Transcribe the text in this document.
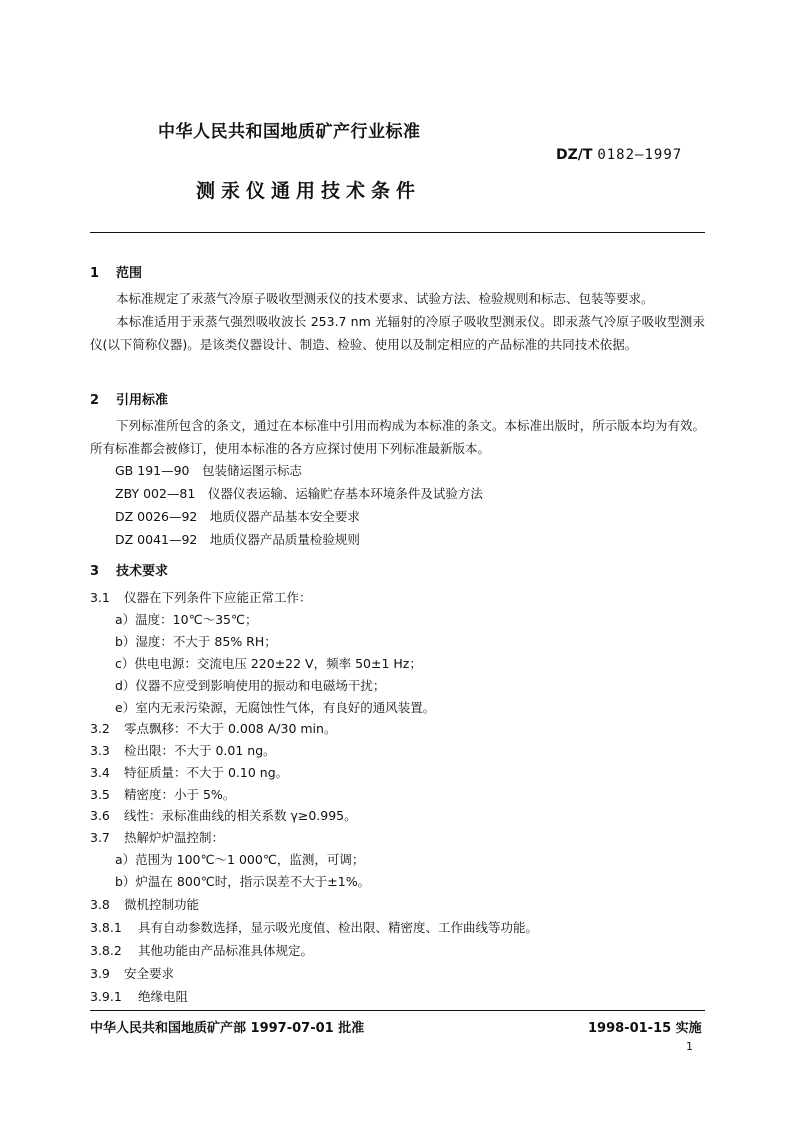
中华人民共和国地质矿产行业标准
DZ/T 0182—1997
测汞仪通用技术条件
1 范围
本标准规定了汞蒸气冷原子吸收型测汞仪的技术要求、试验方法、检验规则和标志、包装等要求。
本标准适用于汞蒸气强烈吸收波长 253.7 nm 光辐射的冷原子吸收型测汞仪。即汞蒸气冷原子吸收型测汞仪(以下简称仪器)。是该类仪器设计、制造、检验、使用以及制定相应的产品标准的共同技术依据。
2 引用标准
下列标准所包含的条文，通过在本标准中引用而构成为本标准的条文。本标准出版时，所示版本均为有效。所有标准都会被修订，使用本标准的各方应探讨使用下列标准最新版本。
GB 191—90　包装储运图示标志
ZBY 002—81　仪器仪表运输、运输贮存基本环境条件及试验方法
DZ 0026—92　地质仪器产品基本安全要求
DZ 0041—92　地质仪器产品质量检验规则
3 技术要求
3.1 仪器在下列条件下应能正常工作：
a）温度：10℃～35℃；
b）湿度：不大于 85% RH；
c）供电电源：交流电压 220±22 V，频率 50±1 Hz；
d）仪器不应受到影响使用的振动和电磁场干扰；
e）室内无汞污染源，无腐蚀性气体，有良好的通风装置。
3.2 零点飘移：不大于 0.008 A/30 min。
3.3 检出限：不大于 0.01 ng。
3.4 特征质量：不大于 0.10 ng。
3.5 精密度：小于 5%。
3.6 线性：汞标准曲线的相关系数 γ≥0.995。
3.7 热解炉炉温控制：
a）范围为 100℃～1 000℃，监测，可调；
b）炉温在 800℃时，指示误差不大于±1%。
3.8 微机控制功能
3.8.1 具有自动参数选择，显示吸光度值、检出限、精密度、工作曲线等功能。
3.8.2 其他功能由产品标准具体规定。
3.9 安全要求
中华人民共和国地质矿产部 1997-07-01 批准	1998-01-15 实施
1
3.9.1 绝缘电阻
